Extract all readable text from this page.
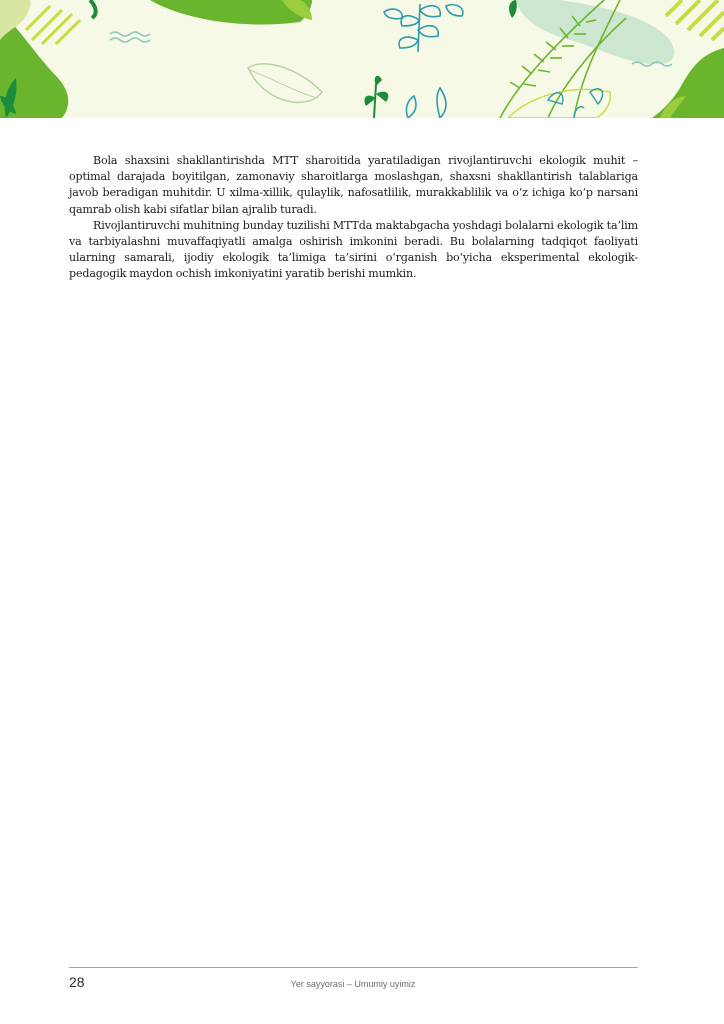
Bola shaxsini shakllantirishda MTT sharoitida yaratiladigan rivojlantiruvchi ekologik muhit – optimal darajada boyitilgan, zamonaviy sharoitlarga moslashgan, shaxsni shakllantirish talablariga javob beradigan muhitdir. U xilma-xillik, qulaylik, nafosatlilik, murakkablilik va o‘z ichiga ko‘p narsani qamrab olish kabi sifatlar bilan ajralib turadi.

Rivojlantiruvchi muhitning bunday tuzilishi MTTda maktabgacha yoshdagi bolalarni ekologik ta’lim va tarbiyalashni muvaffaqiyatli amalga oshirish imkonini beradi. Bu bolalarning tadqiqot faoliyati ularning samarali, ijodiy ekologik ta’limiga ta’sirini o‘rganish bo‘yicha eksperimental ekologik-pedagogik maydon ochish imkoniyatini yaratib berishi mumkin.

28	Yer sayyorasi – Umumiy uyimiz
